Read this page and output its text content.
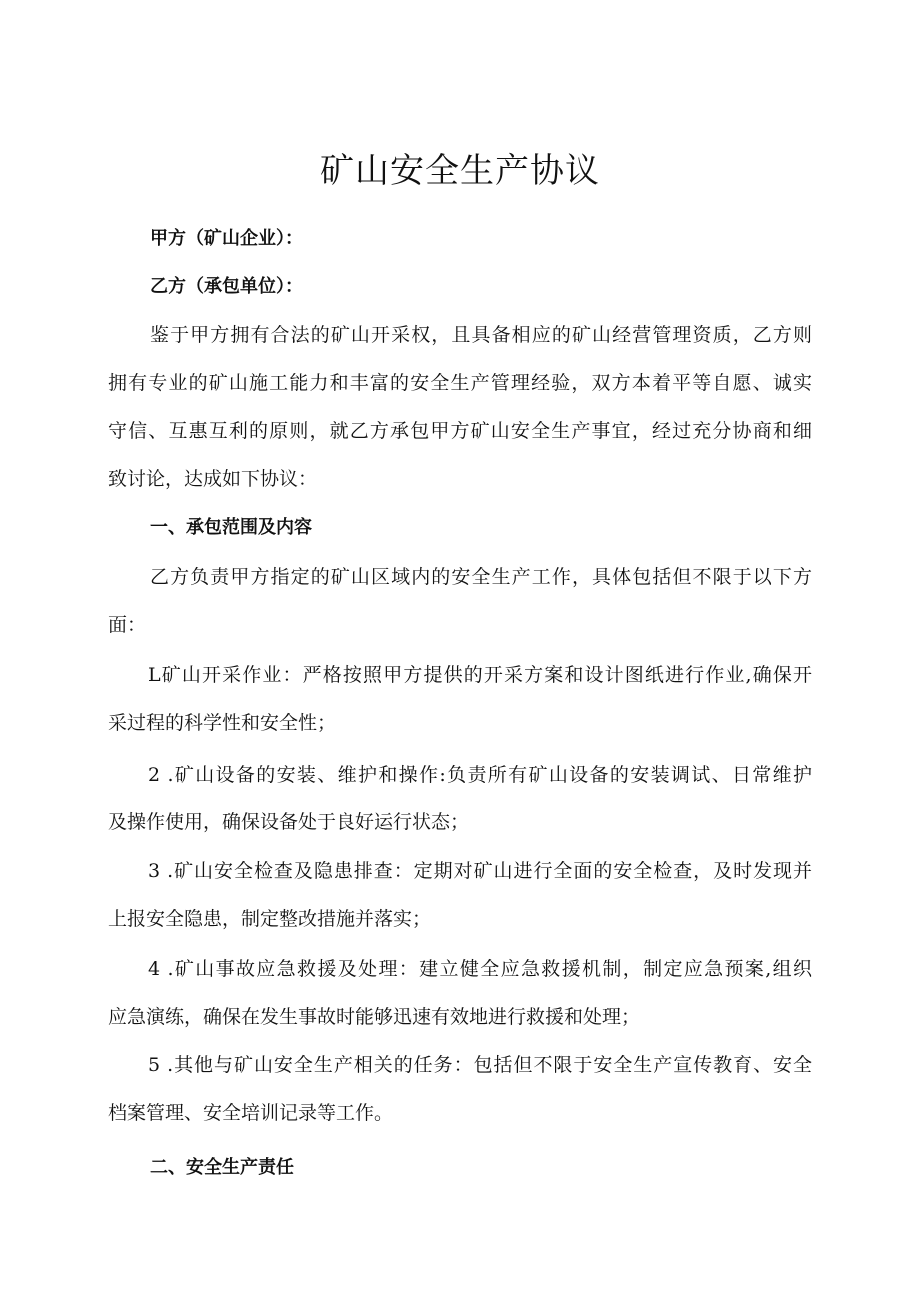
矿山安全生产协议
甲方（矿山企业）：
乙方（承包单位）：
鉴于甲方拥有合法的矿山开采权，且具备相应的矿山经营管理资质，乙方则
拥有专业的矿山施工能力和丰富的安全生产管理经验，双方本着平等自愿、诚实
守信、互惠互利的原则，就乙方承包甲方矿山安全生产事宜，经过充分协商和细
致讨论，达成如下协议：
一、承包范围及内容
乙方负责甲方指定的矿山区域内的安全生产工作，具体包括但不限于以下方
面：
L矿山开采作业：严格按照甲方提供的开采方案和设计图纸进行作业,确保开
采过程的科学性和安全性；
2 .矿山设备的安装、维护和操作:负责所有矿山设备的安装调试、日常维护
及操作使用，确保设备处于良好运行状态；
3 .矿山安全检查及隐患排查：定期对矿山进行全面的安全检查，及时发现并
上报安全隐患，制定整改措施并落实；
4 .矿山事故应急救援及处理：建立健全应急救援机制，制定应急预案,组织
应急演练，确保在发生事故时能够迅速有效地进行救援和处理；
5 .其他与矿山安全生产相关的任务：包括但不限于安全生产宣传教育、安全
档案管理、安全培训记录等工作。
二、安全生产责任
